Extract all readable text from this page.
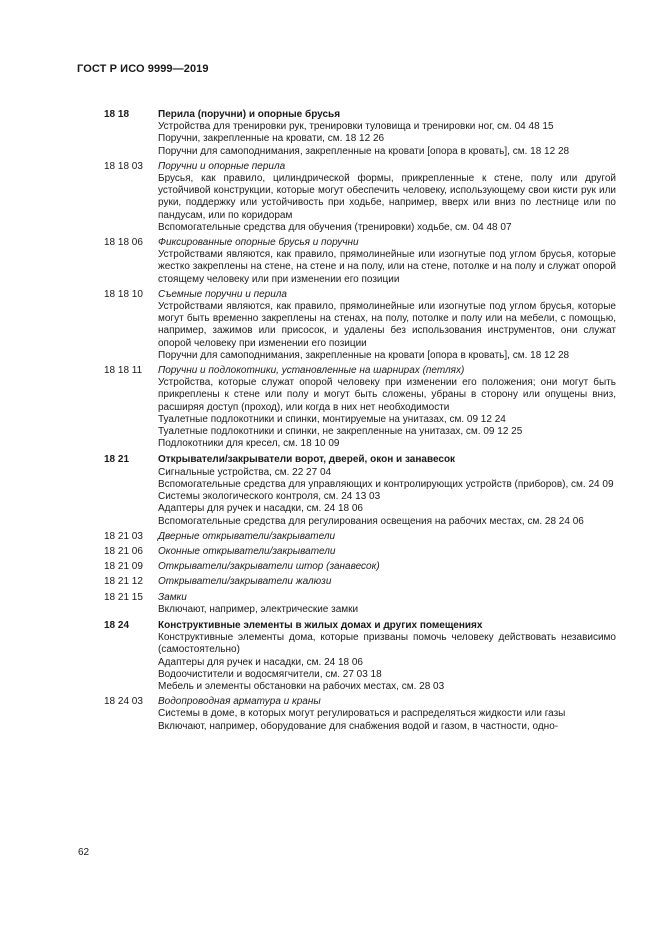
ГОСТ Р ИСО 9999—2019
18 18	Перила (поручни) и опорные брусья
Устройства для тренировки рук, тренировки туловища и тренировки ног, см. 04 48 15
Поручни, закрепленные на кровати, см. 18 12 26
Поручни для самоподнимания, закрепленные на кровати [опора в кровать], см. 18 12 28
18 18 03	Поручни и опорные перила
Брусья, как правило, цилиндрической формы, прикрепленные к стене, полу или другой устойчивой конструкции, которые могут обеспечить человеку, использующему свои кисти рук или руки, поддержку или устойчивость при ходьбе, например, вверх или вниз по лестнице или по пандусам, или по коридорам
Вспомогательные средства для обучения (тренировки) ходьбе, см. 04 48 07
18 18 06	Фиксированные опорные брусья и поручни
Устройствами являются, как правило, прямолинейные или изогнутые под углом брусья, которые жестко закреплены на стене, на стене и на полу, или на стене, потолке и на полу и служат опорой стоящему человеку или при изменении его позиции
18 18 10	Съемные поручни и перила
Устройствами являются, как правило, прямолинейные или изогнутые под углом брусья, которые могут быть временно закреплены на стенах, на полу, потолке и полу или на мебели, с помощью, например, зажимов или присосок, и удалены без использования инструментов, они служат опорой человеку при изменении его позиции
Поручни для самоподнимания, закрепленные на кровати [опора в кровать], см. 18 12 28
18 18 11	Поручни и подлокотники, установленные на шарнирах (петлях)
Устройства, которые служат опорой человеку при изменении его положения; они могут быть прикреплены к стене или полу и могут быть сложены, убраны в сторону или опущены вниз, расширяя доступ (проход), или когда в них нет необходимости
Туалетные подлокотники и спинки, монтируемые на унитазах, см. 09 12 24
Туалетные подлокотники и спинки, не закрепленные на унитазах, см. 09 12 25
Подлокотники для кресел, см. 18 10 09
18 21	Открыватели/закрыватели ворот, дверей, окон и занавесок
Сигнальные устройства, см. 22 27 04
Вспомогательные средства для управляющих и контролирующих устройств (приборов), см. 24 09
Системы экологического контроля, см. 24 13 03
Адаптеры для ручек и насадки, см. 24 18 06
Вспомогательные средства для регулирования освещения на рабочих местах, см. 28 24 06
18 21 03	Дверные открыватели/закрыватели
18 21 06	Оконные открыватели/закрыватели
18 21 09	Открыватели/закрыватели штор (занавесок)
18 21 12	Открыватели/закрыватели жалюзи
18 21 15	Замки
Включают, например, электрические замки
18 24	Конструктивные элементы в жилых домах и других помещениях
Конструктивные элементы дома, которые призваны помочь человеку действовать независимо (самостоятельно)
Адаптеры для ручек и насадки, см. 24 18 06
Водоочистители и водосмягчители, см. 27 03 18
Мебель и элементы обстановки на рабочих местах, см. 28 03
18 24 03	Водопроводная арматура и краны
Системы в доме, в которых могут регулироваться и распределяться жидкости или газы
Включают, например, оборудование для снабжения водой и газом, в частности, одно-
62
